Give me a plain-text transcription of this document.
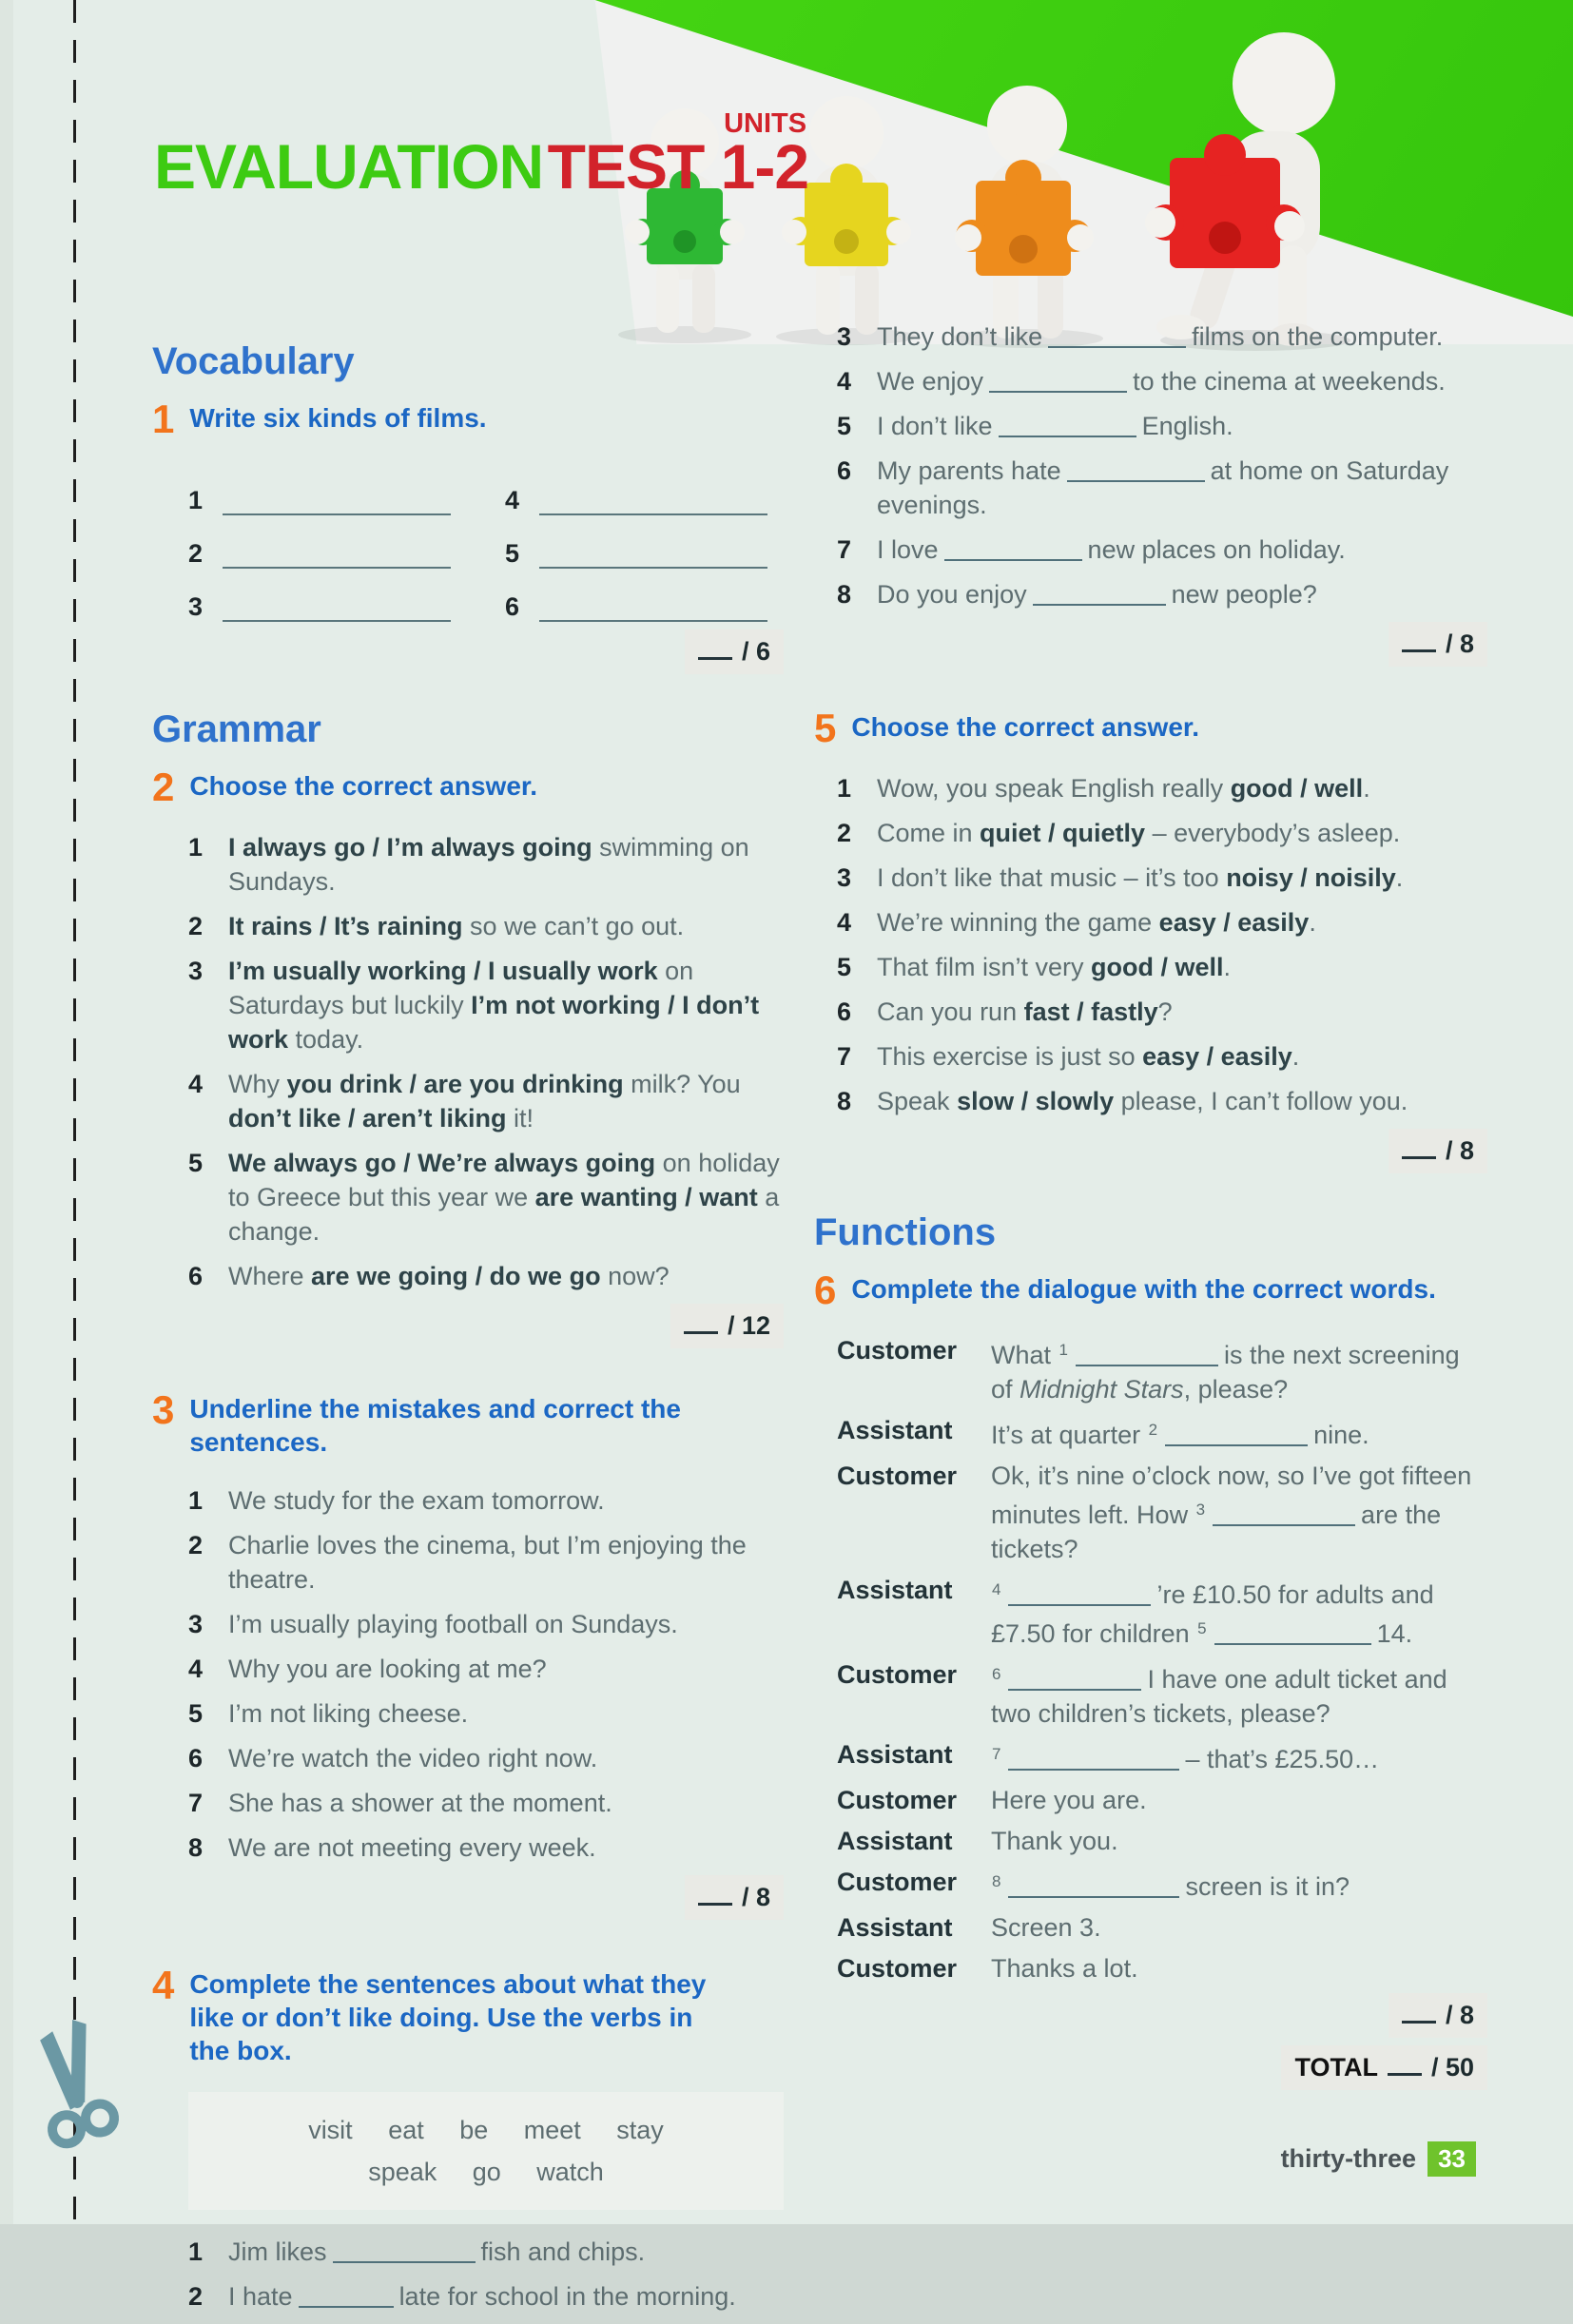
EVALUATION TEST 1-2
UNITS
Vocabulary
1 Write six kinds of films.
1	4
2	5
3	6
/ 6
Grammar
2 Choose the correct answer.
1 I always go / I’m always going swimming on Sundays.
2 It rains / It’s raining so we can’t go out.
3 I’m usually working / I usually work on Saturdays but luckily I’m not working / I don’t work today.
4 Why you drink / are you drinking milk? You don’t like / aren’t liking it!
5 We always go / We’re always going on holiday to Greece but this year we are wanting / want a change.
6 Where are we going / do we go now?
/ 12
3 Underline the mistakes and correct the sentences.
1 We study for the exam tomorrow.
2 Charlie loves the cinema, but I’m enjoying the theatre.
3 I’m usually playing football on Sundays.
4 Why you are looking at me?
5 I’m not liking cheese.
6 We’re watch the video right now.
7 She has a shower at the moment.
8 We are not meeting every week.
/ 8
4 Complete the sentences about what they like or don’t like doing. Use the verbs in the box.
visit eat be meet stay
speak go watch
1 Jim likes	fish and chips.
2 I hate	late for school in the morning.
3 They don’t like	films on the computer.
4 We enjoy	to the cinema at weekends.
5 I don’t like	English.
6 My parents hate	at home on Saturday evenings.
7 I love	new places on holiday.
8 Do you enjoy	new people?
/ 8
5 Choose the correct answer.
1 Wow, you speak English really good / well.
2 Come in quiet / quietly – everybody’s asleep.
3 I don’t like that music – it’s too noisy / noisily.
4 We’re winning the game easy / easily.
5 That film isn’t very good / well.
6 Can you run fast / fastly?
7 This exercise is just so easy / easily.
8 Speak slow / slowly please, I can’t follow you.
/ 8
Functions
6 Complete the dialogue with the correct words.
Customer	What $^1$	is the next screening of Midnight Stars, please?
Assistant	It’s at quarter $^2$	nine.
Customer	Ok, it’s nine o’clock now, so I’ve got fifteen minutes left. How $^3$	are the tickets?
Assistant	$^4$	’re £10.50 for adults and £7.50 for children $^5$	14.
Customer	$^6$	I have one adult ticket and two children’s tickets, please?
Assistant	$^7$	– that’s £25.50…
Customer	Here you are.
Assistant	Thank you.
Customer	$^8$	screen is it in?
Assistant	Screen 3.
Customer	Thanks a lot.
/ 8
TOTAL / 50
thirty-three 33
